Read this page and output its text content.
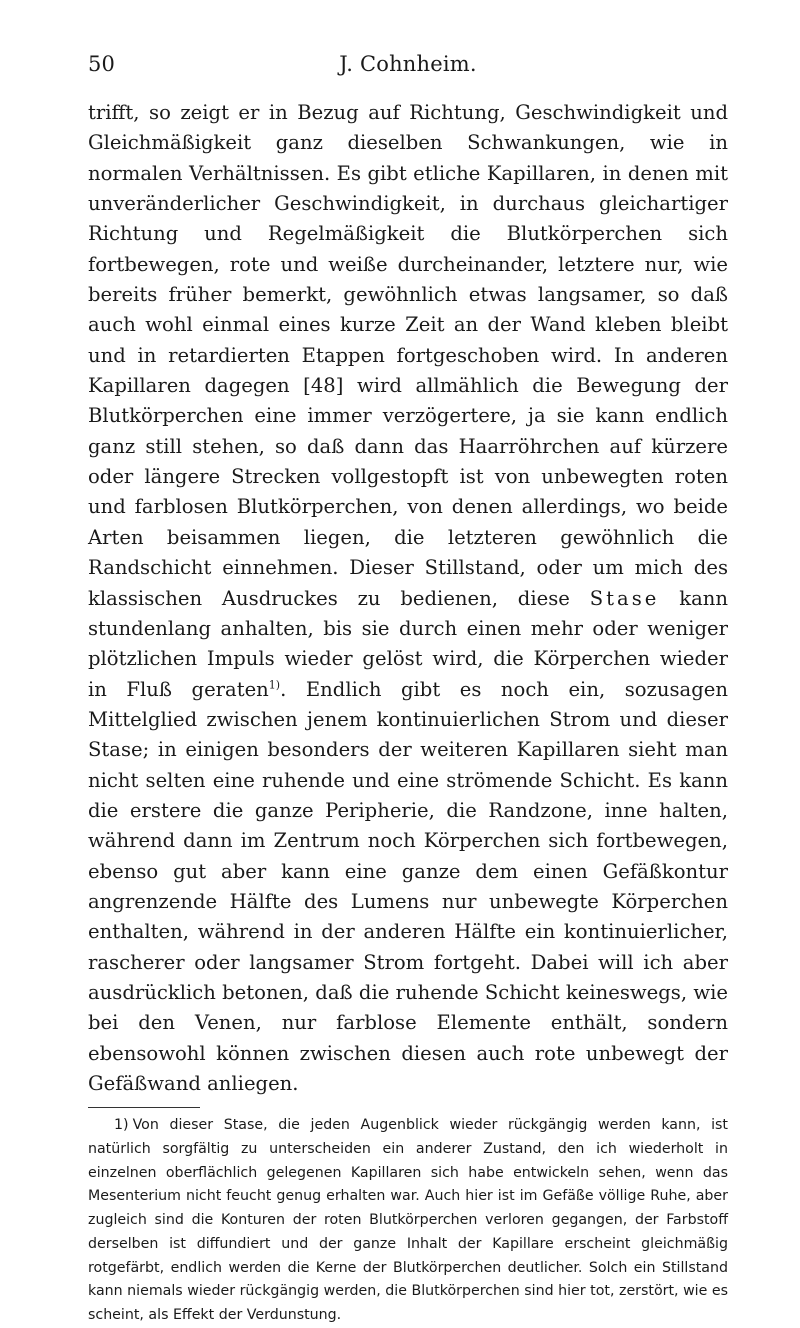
50	J. Cohnheim.
trifft, so zeigt er in Bezug auf Richtung, Geschwindigkeit und Gleichmäßigkeit ganz dieselben Schwankungen, wie in normalen Verhältnissen. Es gibt etliche Kapillaren, in denen mit unveränderlicher Geschwindigkeit, in durchaus gleichartiger Richtung und Regelmäßigkeit die Blutkörperchen sich fortbewegen, rote und weiße durcheinander, letztere nur, wie bereits früher bemerkt, gewöhnlich etwas langsamer, so daß auch wohl einmal eines kurze Zeit an der Wand kleben bleibt und in retardierten Etappen fortgeschoben wird. In anderen Kapillaren dagegen [48] wird allmählich die Bewegung der Blutkörperchen eine immer verzögertere, ja sie kann endlich ganz still stehen, so daß dann das Haarröhrchen auf kürzere oder längere Strecken vollgestopft ist von unbewegten roten und farblosen Blutkörperchen, von denen allerdings, wo beide Arten beisammen liegen, die letzteren gewöhnlich die Randschicht einnehmen. Dieser Stillstand, oder um mich des klassischen Ausdruckes zu bedienen, diese Stase kann stundenlang anhalten, bis sie durch einen mehr oder weniger plötzlichen Impuls wieder gelöst wird, die Körperchen wieder in Fluß geraten$^{1)}$. Endlich gibt es noch ein, sozusagen Mittelglied zwischen jenem kontinuierlichen Strom und dieser Stase; in einigen besonders der weiteren Kapillaren sieht man nicht selten eine ruhende und eine strömende Schicht. Es kann die erstere die ganze Peripherie, die Randzone, inne halten, während dann im Zentrum noch Körperchen sich fortbewegen, ebenso gut aber kann eine ganze dem einen Gefäßkontur angrenzende Hälfte des Lumens nur unbewegte Körperchen enthalten, während in der anderen Hälfte ein kontinuierlicher, rascherer oder langsamer Strom fortgeht. Dabei will ich aber ausdrücklich betonen, daß die ruhende Schicht keineswegs, wie bei den Venen, nur farblose Elemente enthält, sondern ebensowohl können zwischen diesen auch rote unbewegt der Gefäßwand anliegen.
1) Von dieser Stase, die jeden Augenblick wieder rückgängig werden kann, ist natürlich sorgfältig zu unterscheiden ein anderer Zustand, den ich wiederholt in einzelnen oberflächlich gelegenen Kapillaren sich habe entwickeln sehen, wenn das Mesenterium nicht feucht genug erhalten war. Auch hier ist im Gefäße völlige Ruhe, aber zugleich sind die Konturen der roten Blutkörperchen verloren gegangen, der Farbstoff derselben ist diffundiert und der ganze Inhalt der Kapillare erscheint gleichmäßig rotgefärbt, endlich werden die Kerne der Blutkörperchen deutlicher. Solch ein Stillstand kann niemals wieder rückgängig werden, die Blutkörperchen sind hier tot, zerstört, wie es scheint, als Effekt der Verdunstung.
